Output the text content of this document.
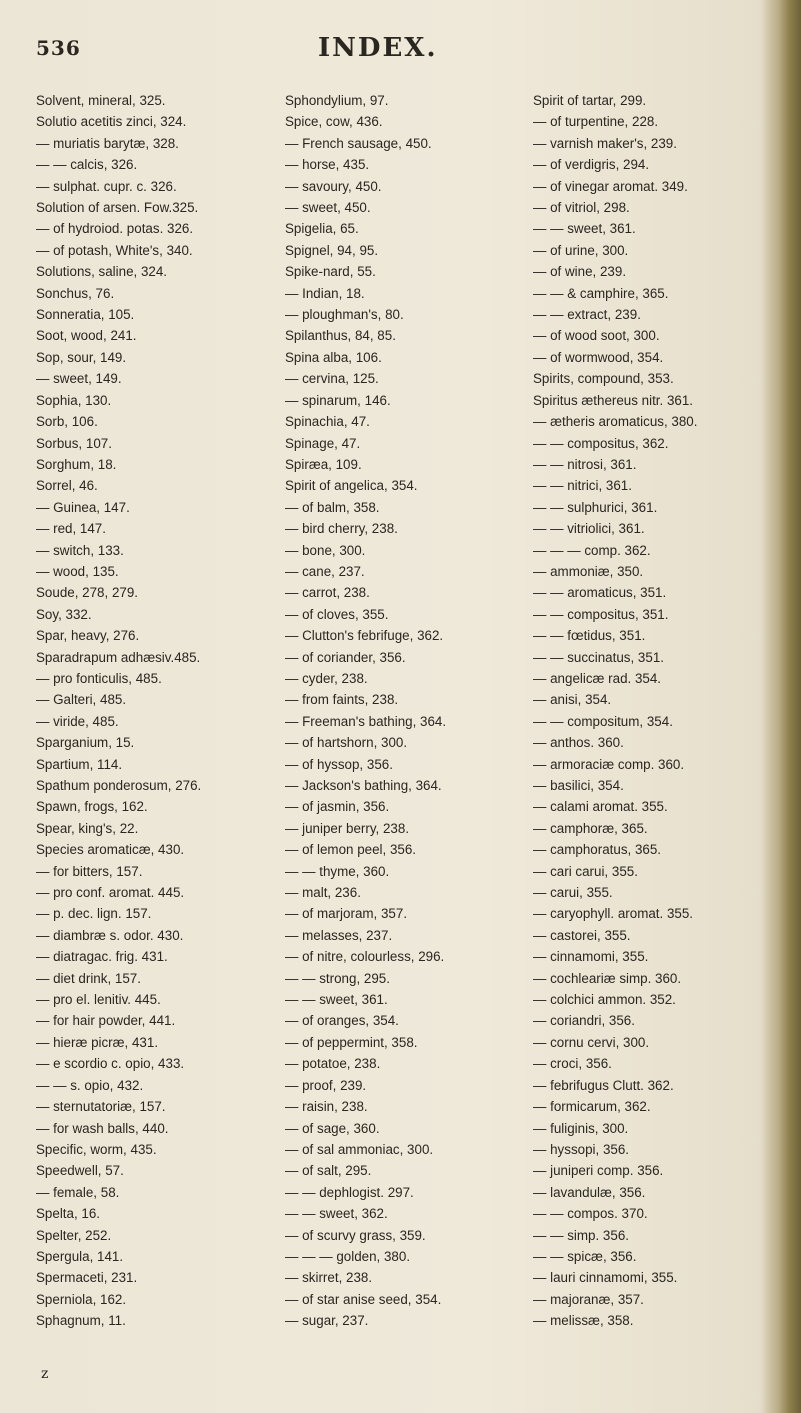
536	INDEX.
Solvent, mineral, 325.
Solutio acetitis zinci, 324.
— muriatis barytæ, 328.
— — calcis, 326.
— sulphat. cupr. c. 326.
Solution of arsen. Fow.325.
— of hydroiod. potas. 326.
— of potash, White's, 340.
Solutions, saline, 324.
Sonchus, 76.
Sonneratia, 105.
Soot, wood, 241.
Sop, sour, 149.
— sweet, 149.
Sophia, 130.
Sorb, 106.
Sorbus, 107.
Sorghum, 18.
Sorrel, 46.
— Guinea, 147.
— red, 147.
— switch, 133.
— wood, 135.
Soude, 278, 279.
Soy, 332.
Spar, heavy, 276.
Sparadrapum adhæsiv.485.
— pro fonticulis, 485.
— Galteri, 485.
— viride, 485.
Sparganium, 15.
Spartium, 114.
Spathum ponderosum, 276.
Spawn, frogs, 162.
Spear, king's, 22.
Species aromaticæ, 430.
— for bitters, 157.
— pro conf. aromat. 445.
— p. dec. lign. 157.
— diambræ s. odor. 430.
— diatragac. frig. 431.
— diet drink, 157.
— pro el. lenitiv. 445.
— for hair powder, 441.
— hieræ picræ, 431.
— e scordio c. opio, 433.
— — s. opio, 432.
— sternutatoriæ, 157.
— for wash balls, 440.
Specific, worm, 435.
Speedwell, 57.
— female, 58.
Spelta, 16.
Spelter, 252.
Spergula, 141.
Spermaceti, 231.
Sperniola, 162.
Sphagnum, 11.
Sphondylium, 97.
Spice, cow, 436.
— French sausage, 450.
— horse, 435.
— savoury, 450.
— sweet, 450.
Spigelia, 65.
Spignel, 94, 95.
Spike-nard, 55.
— Indian, 18.
— ploughman's, 80.
Spilanthus, 84, 85.
Spina alba, 106.
— cervina, 125.
— spinarum, 146.
Spinachia, 47.
Spinage, 47.
Spiræa, 109.
Spirit of angelica, 354.
— of balm, 358.
— bird cherry, 238.
— bone, 300.
— cane, 237.
— carrot, 238.
— of cloves, 355.
— Clutton's febrifuge, 362.
— of coriander, 356.
— cyder, 238.
— from faints, 238.
— Freeman's bathing, 364.
— of hartshorn, 300.
— of hyssop, 356.
— Jackson's bathing, 364.
— of jasmin, 356.
— juniper berry, 238.
— of lemon peel, 356.
— — thyme, 360.
— malt, 236.
— of marjoram, 357.
— melasses, 237.
— of nitre, colourless, 296.
— — strong, 295.
— — sweet, 361.
— of oranges, 354.
— of peppermint, 358.
— potatoe, 238.
— proof, 239.
— raisin, 238.
— of sage, 360.
— of sal ammoniac, 300.
— of salt, 295.
— — dephlogist. 297.
— — sweet, 362.
— of scurvy grass, 359.
— — — golden, 380.
— skirret, 238.
— of star anise seed, 354.
— sugar, 237.
Spirit of tartar, 299.
— of turpentine, 228.
— varnish maker's, 239.
— of verdigris, 294.
— of vinegar aromat. 349.
— of vitriol, 298.
— — sweet, 361.
— of urine, 300.
— of wine, 239.
— — & camphire, 365.
— — extract, 239.
— of wood soot, 300.
— of wormwood, 354.
Spirits, compound, 353.
Spiritus æthereus nitr. 361.
— ætheris aromaticus, 380.
— — compositus, 362.
— — nitrosi, 361.
— — nitrici, 361.
— — sulphurici, 361.
— — vitriolici, 361.
— — — comp. 362.
— ammoniæ, 350.
— — aromaticus, 351.
— — compositus, 351.
— — fœtidus, 351.
— — succinatus, 351.
— angelicæ rad. 354.
— anisi, 354.
— — compositum, 354.
— anthos. 360.
— armoraciæ comp. 360.
— basilici, 354.
— calami aromat. 355.
— camphoræ, 365.
— camphoratus, 365.
— cari carui, 355.
— carui, 355.
— caryophyll. aromat. 355.
— castorei, 355.
— cinnamomi, 355.
— cochleariæ simp. 360.
— colchici ammon. 352.
— coriandri, 356.
— cornu cervi, 300.
— croci, 356.
— febrifugus Clutt. 362.
— formicarum, 362.
— fuliginis, 300.
— hyssopi, 356.
— juniperi comp. 356.
— lavandulæ, 356.
— — compos. 370.
— — simp. 356.
— — spicæ, 356.
— lauri cinnamomi, 355.
— majoranæ, 357.
— melissæ, 358.
z
